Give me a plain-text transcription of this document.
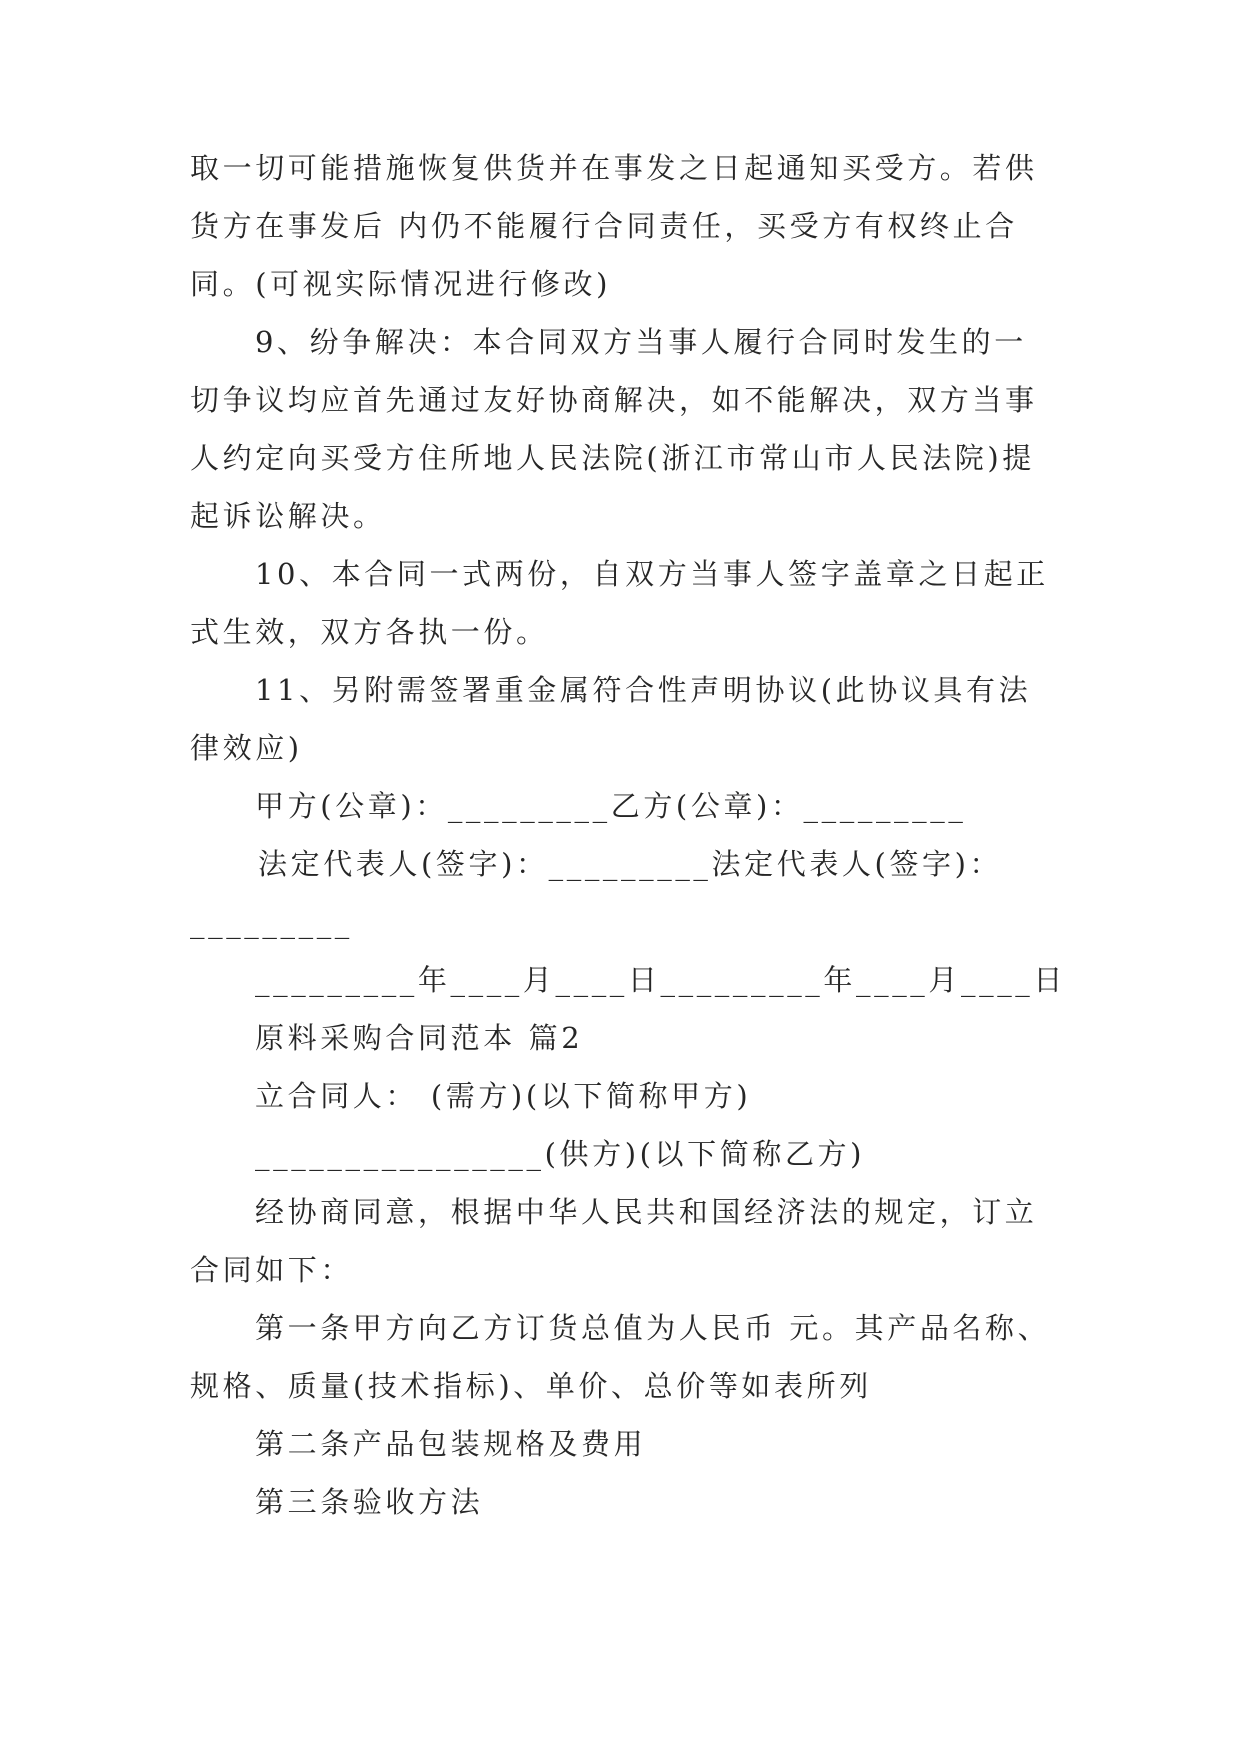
取一切可能措施恢复供货并在事发之日起通知买受方。若供
货方在事发后 内仍不能履行合同责任，买受方有权终止合
同。(可视实际情况进行修改)
9、纷争解决：本合同双方当事人履行合同时发生的一
切争议均应首先通过友好协商解决，如不能解决，双方当事
人约定向买受方住所地人民法院(浙江市常山市人民法院)提
起诉讼解决。
10、本合同一式两份，自双方当事人签字盖章之日起正
式生效，双方各执一份。
11、另附需签署重金属符合性声明协议(此协议具有法
律效应)
甲方(公章)：_________乙方(公章)：_________
法定代表人(签字)：_________法定代表人(签字)：
_________
_________年____月____日_________年____月____日
原料采购合同范本 篇2
立合同人： (需方)(以下简称甲方)
________________(供方)(以下简称乙方)
经协商同意，根据中华人民共和国经济法的规定，订立
合同如下：
第一条甲方向乙方订货总值为人民币 元。其产品名称、
规格、质量(技术指标)、单价、总价等如表所列
第二条产品包装规格及费用
第三条验收方法
